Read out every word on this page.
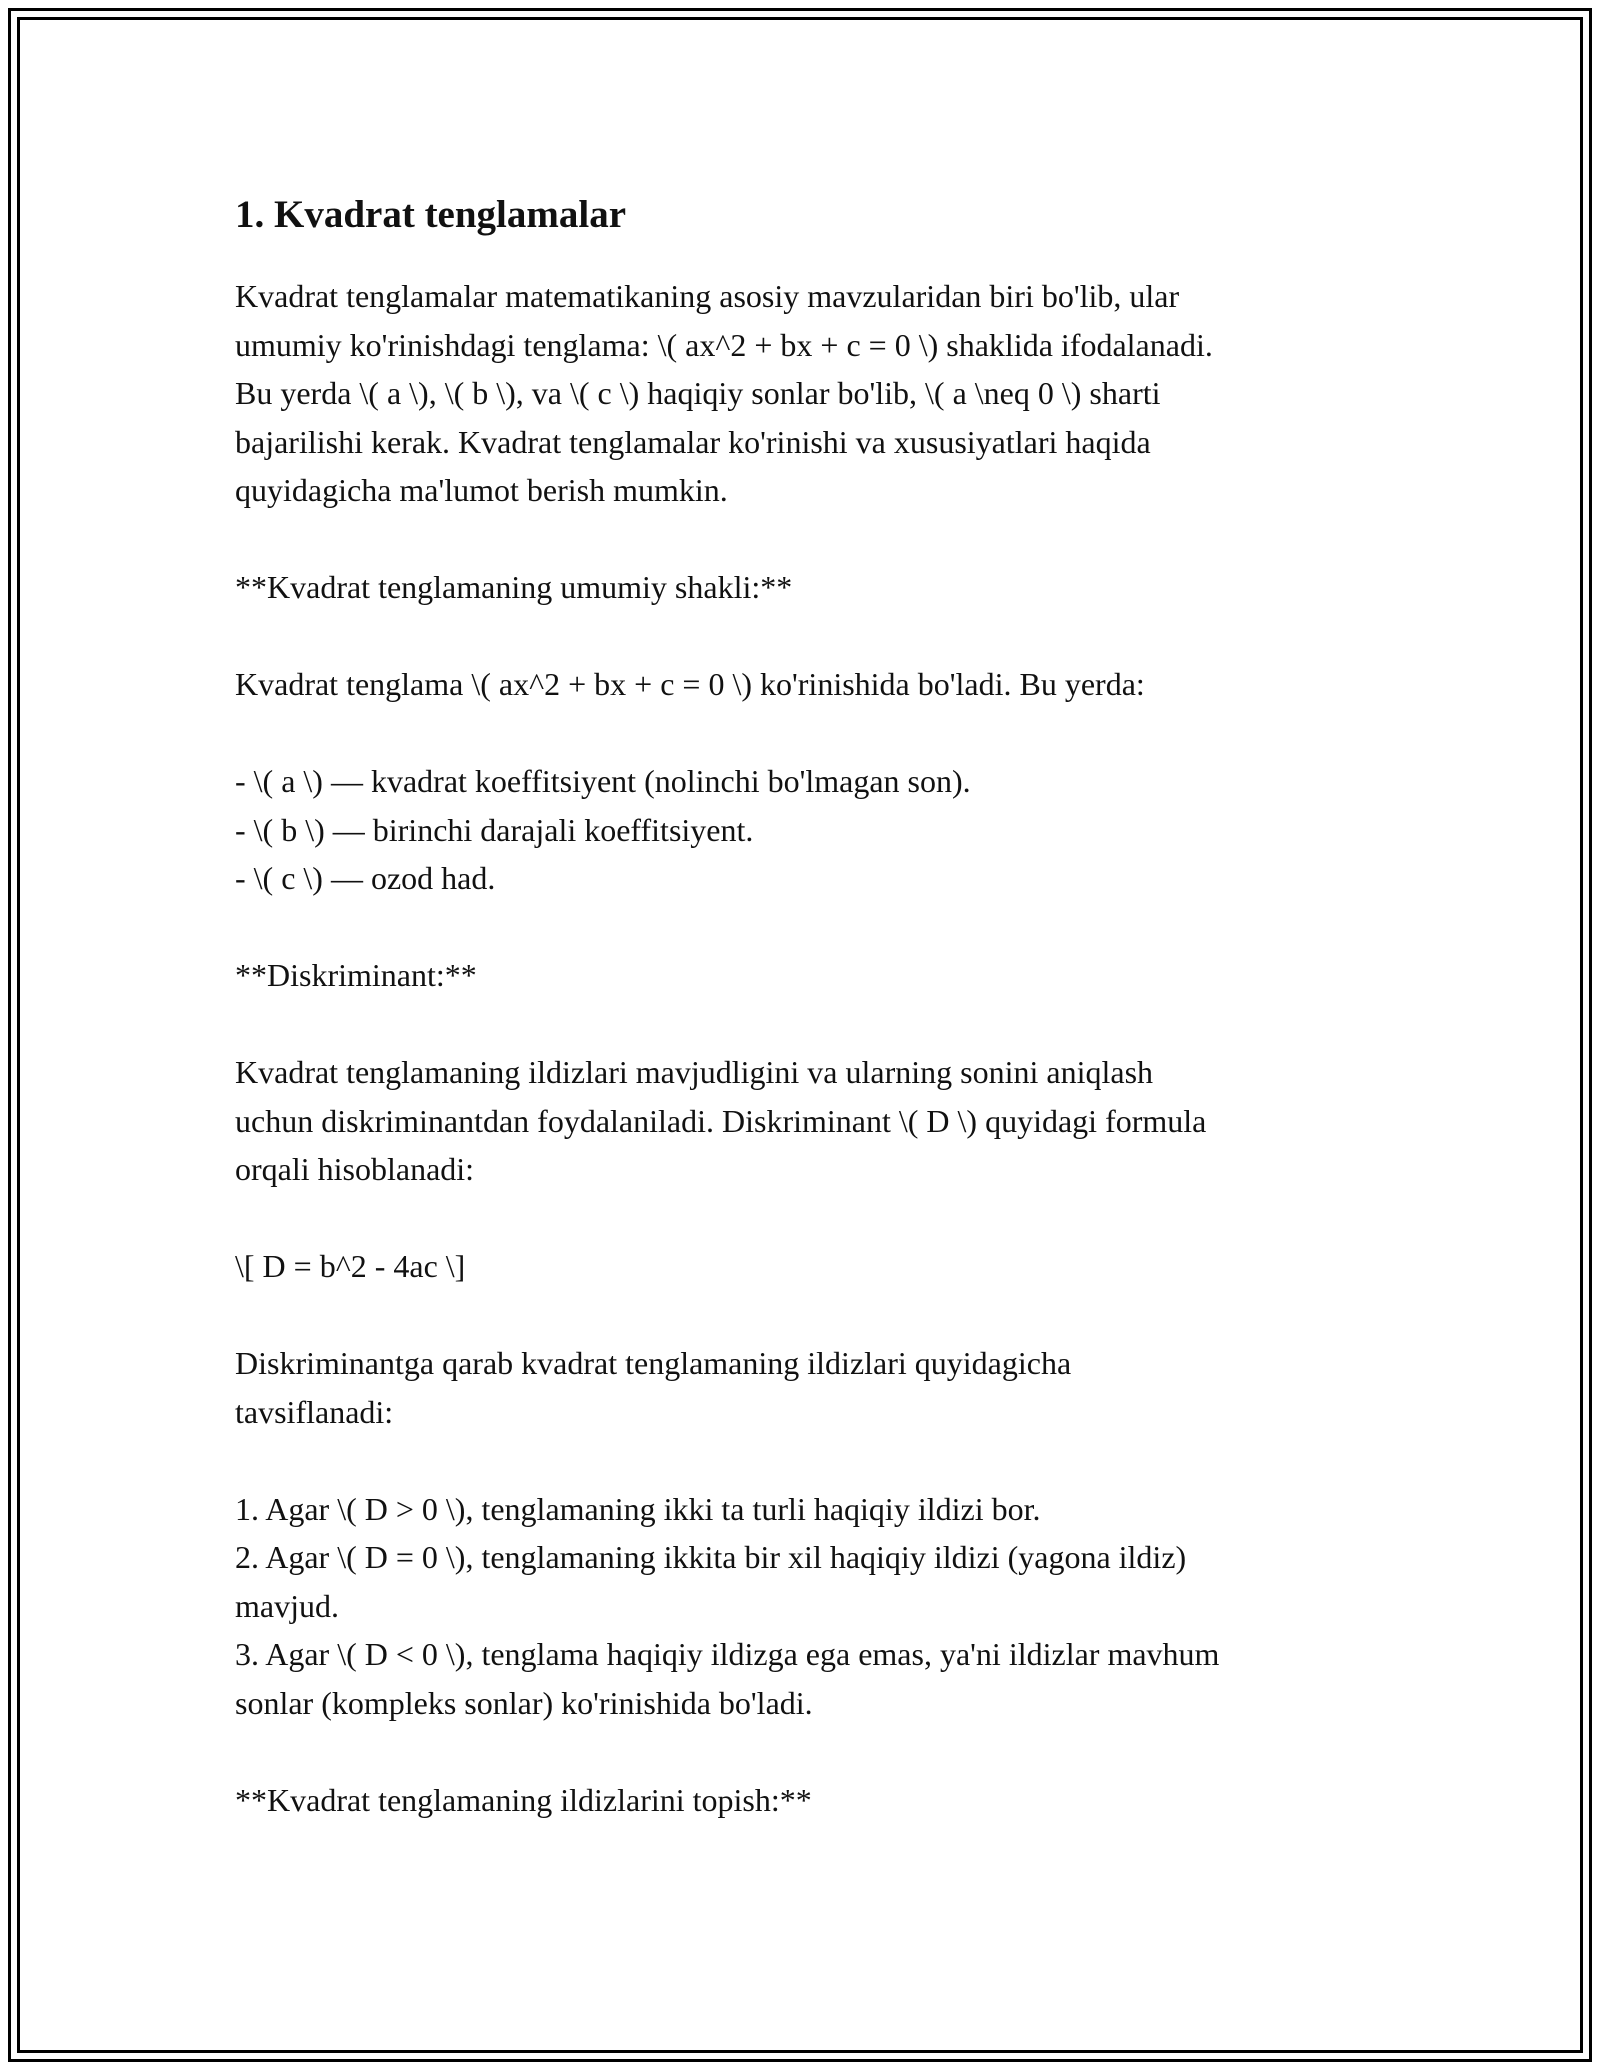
1. Kvadrat tenglamalar

Kvadrat tenglamalar matematikaning asosiy mavzularidan biri bo'lib, ular
umumiy ko'rinishdagi tenglama: \( ax^2 + bx + c = 0 \) shaklida ifodalanadi.
Bu yerda \( a \), \( b \), va \( c \) haqiqiy sonlar bo'lib, \( a \neq 0 \) sharti
bajarilishi kerak. Kvadrat tenglamalar ko'rinishi va xususiyatlari haqida
quyidagicha ma'lumot berish mumkin.

**Kvadrat tenglamaning umumiy shakli:**

Kvadrat tenglama \( ax^2 + bx + c = 0 \) ko'rinishida bo'ladi. Bu yerda:

- \( a \) — kvadrat koeffitsiyent (nolinchi bo'lmagan son).
- \( b \) — birinchi darajali koeffitsiyent.
- \( c \) — ozod had.

**Diskriminant:**

Kvadrat tenglamaning ildizlari mavjudligini va ularning sonini aniqlash
uchun diskriminantdan foydalaniladi. Diskriminant \( D \) quyidagi formula
orqali hisoblanadi:

\[ D = b^2 - 4ac \]

Diskriminantga qarab kvadrat tenglamaning ildizlari quyidagicha
tavsiflanadi:

1. Agar \( D > 0 \), tenglamaning ikki ta turli haqiqiy ildizi bor.
2. Agar \( D = 0 \), tenglamaning ikkita bir xil haqiqiy ildizi (yagona ildiz)
mavjud.
3. Agar \( D < 0 \), tenglama haqiqiy ildizga ega emas, ya'ni ildizlar mavhum
sonlar (kompleks sonlar) ko'rinishida bo'ladi.

**Kvadrat tenglamaning ildizlarini topish:**
